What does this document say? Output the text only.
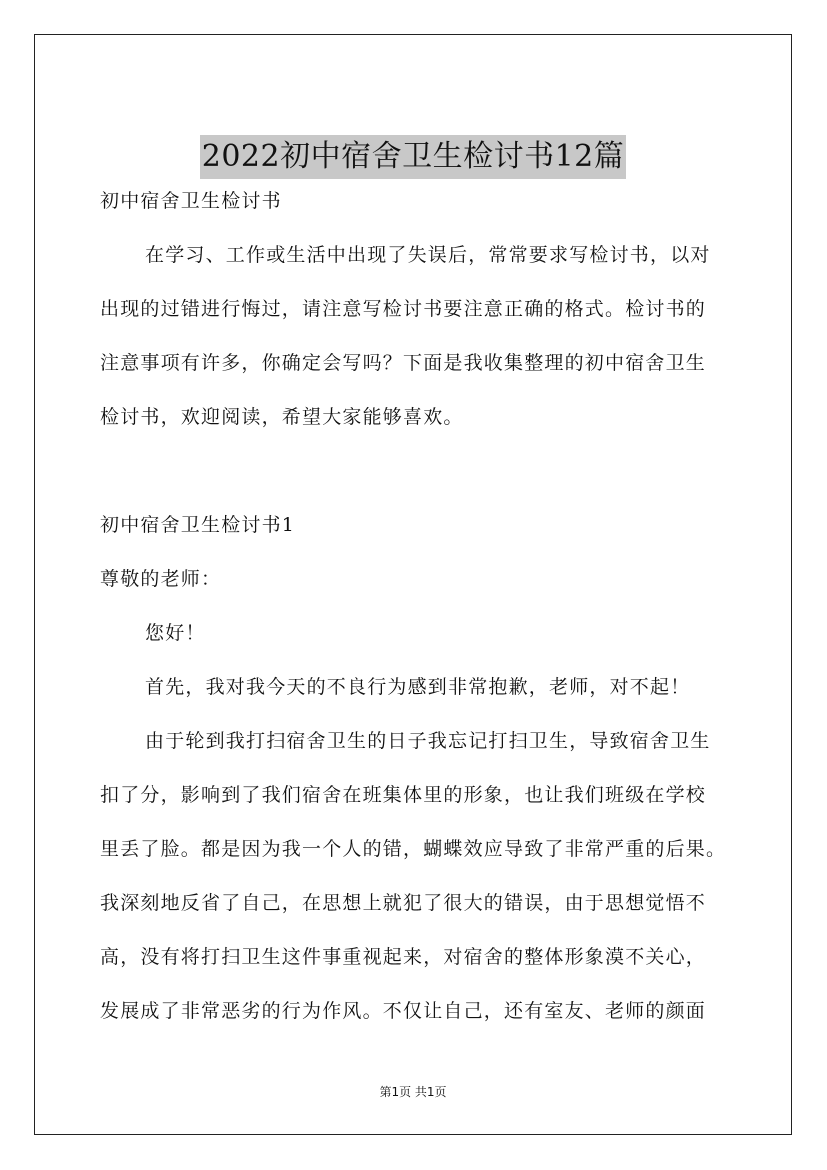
2022初中宿舍卫生检讨书12篇
初中宿舍卫生检讨书
在学习、工作或生活中出现了失误后，常常要求写检讨书，以对
出现的过错进行悔过，请注意写检讨书要注意正确的格式。检讨书的
注意事项有许多，你确定会写吗？下面是我收集整理的初中宿舍卫生
检讨书，欢迎阅读，希望大家能够喜欢。
初中宿舍卫生检讨书1
尊敬的老师：
您好！
首先，我对我今天的不良行为感到非常抱歉，老师，对不起！
由于轮到我打扫宿舍卫生的日子我忘记打扫卫生，导致宿舍卫生
扣了分，影响到了我们宿舍在班集体里的形象，也让我们班级在学校
里丢了脸。都是因为我一个人的错，蝴蝶效应导致了非常严重的后果。
我深刻地反省了自己，在思想上就犯了很大的错误，由于思想觉悟不
高，没有将打扫卫生这件事重视起来，对宿舍的整体形象漠不关心，
发展成了非常恶劣的行为作风。不仅让自己，还有室友、老师的颜面
第1页 共1页
